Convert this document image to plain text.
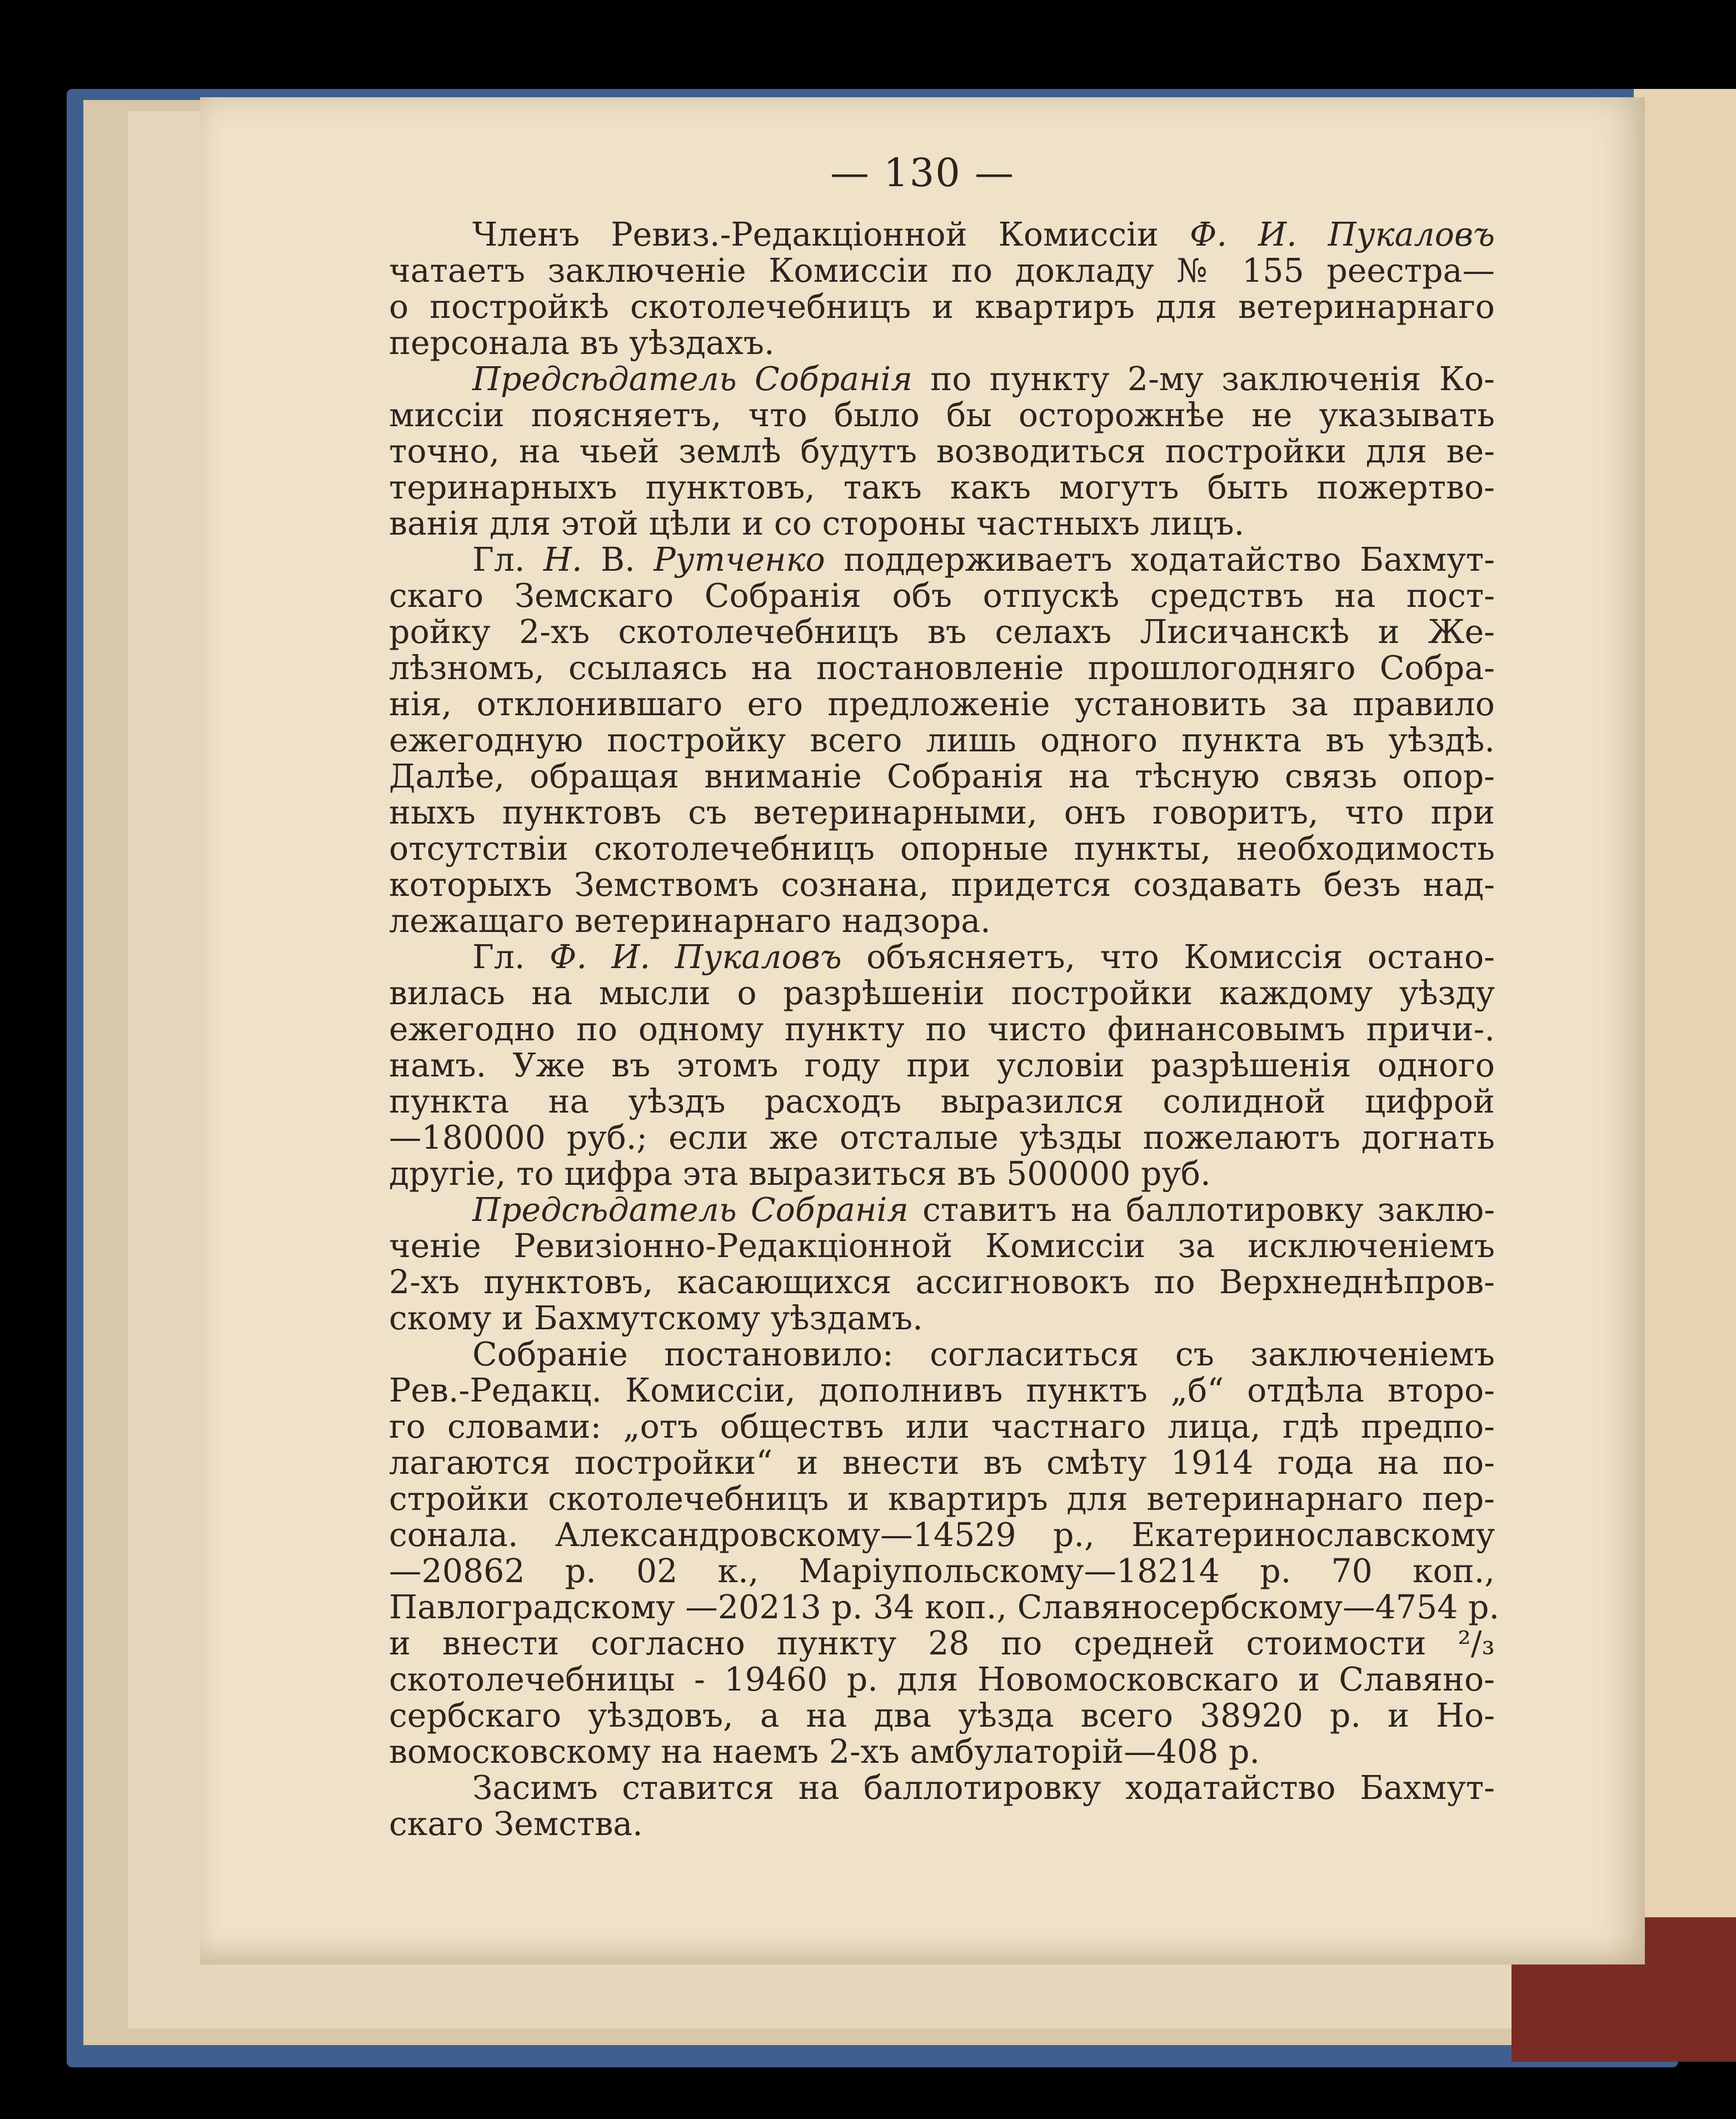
— 130 —
Членъ Ревиз.-Редакціонной Комиссіи Ф. И. Пукаловъ
чатаетъ заключеніе Комиссіи по докладу № 155 реестра—
о постройкѣ скотолечебницъ и квартиръ для ветеринарнаго
персонала въ уѣздахъ.
Предсѣдатель Собранія по пункту 2-му заключенія Ко-
миссіи поясняетъ, что было бы осторожнѣе не указывать
точно, на чьей землѣ будутъ возводиться постройки для ве-
теринарныхъ пунктовъ, такъ какъ могутъ быть пожертво-
ванія для этой цѣли и со стороны частныхъ лицъ.
Гл. Н. В. Рутченко поддерживаетъ ходатайство Бахмут-
скаго Земскаго Собранія объ отпускѣ средствъ на пост-
ройку 2-хъ скотолечебницъ въ селахъ Лисичанскѣ и Же-
лѣзномъ, ссылаясь на постановленіе прошлогодняго Собра-
нія, отклонившаго его предложеніе установить за правило
ежегодную постройку всего лишь одного пункта въ уѣздѣ.
Далѣе, обращая вниманіе Собранія на тѣсную связь опор-
ныхъ пунктовъ съ ветеринарными, онъ говоритъ, что при
отсутствіи скотолечебницъ опорные пункты, необходимость
которыхъ Земствомъ сознана, придется создавать безъ над-
лежащаго ветеринарнаго надзора.
Гл. Ф. И. Пукаловъ объясняетъ, что Комиссія остано-
вилась на мысли о разрѣшеніи постройки каждому уѣзду
ежегодно по одному пункту по чисто финансовымъ причи-.
намъ. Уже въ этомъ году при условіи разрѣшенія одного
пункта на уѣздъ расходъ выразился солидной цифрой
—180000 руб.; если же отсталые уѣзды пожелаютъ догнать
другіе, то цифра эта выразиться въ 500000 руб.
Предсѣдатель Собранія ставитъ на баллотировку заклю-
ченіе Ревизіонно-Редакціонной Комиссіи за исключеніемъ
2-хъ пунктовъ, касающихся ассигновокъ по Верхнеднѣпров-
скому и Бахмутскому уѣздамъ.
Собраніе постановило: согласиться съ заключеніемъ
Рев.-Редакц. Комиссіи, дополнивъ пунктъ „б“ отдѣла второ-
го словами: „отъ обществъ или частнаго лица, гдѣ предпо-
лагаются постройки“ и внести въ смѣту 1914 года на по-
стройки скотолечебницъ и квартиръ для ветеринарнаго пер-
сонала. Александровскому—14529 р., Екатеринославскому
—20862 р. 02 к., Маріупольскому—18214 р. 70 коп.,
Павлоградскому —20213 р. 34 коп., Славяносербскому—4754 р.
и внести согласно пункту 28 по средней стоимости ²/₃
скотолечебницы - 19460 р. для Новомосковскаго и Славяно-
сербскаго уѣздовъ, а на два уѣзда всего 38920 р. и Но-
вомосковскому на наемъ 2-хъ амбулаторій—408 р.
Засимъ ставится на баллотировку ходатайство Бахмут-
скаго Земства.
